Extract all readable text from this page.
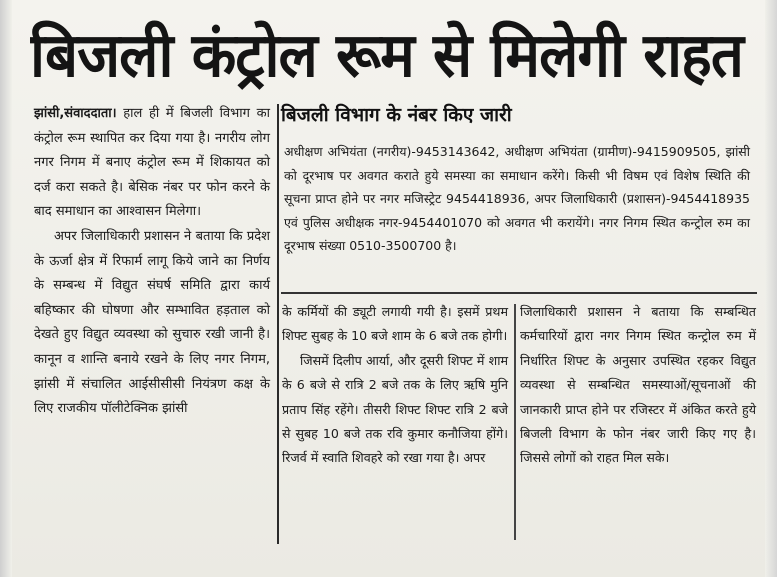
बिजली कंट्रोल रूम से मिलेगी राहत

झांसी,संवाददाता। हाल ही में बिजली विभाग का कंट्रोल रूम स्थापित कर दिया गया है। नगरीय लोग नगर निगम में बनाए कंट्रोल रूम में शिकायत को दर्ज करा सकते है। बेसिक नंबर पर फोन करने के बाद समाधान का आश्वासन मिलेगा।

अपर जिलाधिकारी प्रशासन ने बताया कि प्रदेश के ऊर्जा क्षेत्र में रिफार्म लागू किये जाने का निर्णय के सम्बन्ध में विद्युत संघर्ष समिति द्वारा कार्य बहिष्कार की घोषणा और सम्भावित हड़ताल को देखते हुए विद्युत व्यवस्था को सुचारु रखी जानी है। कानून व शान्ति बनाये रखने के लिए नगर निगम, झांसी में संचालित आईसीसीसी नियंत्रण कक्ष के लिए राजकीय पॉलीटेक्निक झांसी

बिजली विभाग के नंबर किए जारी
अधीक्षण अभियंता (नगरीय)-9453143642, अधीक्षण अभियंता (ग्रामीण)-9415909505, झांसी को दूरभाष पर अवगत कराते हुये समस्या का समाधान करेंगे। किसी भी विषम एवं विशेष स्थिति की सूचना प्राप्त होने पर नगर मजिस्ट्रेट 9454418936, अपर जिलाधिकारी (प्रशासन)-9454418935 एवं पुलिस अधीक्षक नगर-9454401070 को अवगत भी करायेंगे। नगर निगम स्थित कन्ट्रोल रुम का दूरभाष संख्या 0510-3500700 है।

के कर्मियों की ड्यूटी लगायी गयी है। इसमें प्रथम शिफ्ट सुबह के 10 बजे शाम के 6 बजे तक होगी।

जिसमें दिलीप आर्या, और दूसरी शिफ्ट में शाम के 6 बजे से रात्रि 2 बजे तक के लिए ऋषि मुनि प्रताप सिंह रहेंगे। तीसरी शिफ्ट शिफ्ट रात्रि 2 बजे से सुबह 10 बजे तक रवि कुमार कनौजिया होंगे। रिजर्व में स्वाति शिवहरे को रखा गया है। अपर

जिलाधिकारी प्रशासन ने बताया कि सम्बन्धित कर्मचारियों द्वारा नगर निगम स्थित कन्ट्रोल रुम में निर्धारित शिफ्ट के अनुसार उपस्थित रहकर विद्युत व्यवस्था से सम्बन्धित समस्याओं/सूचनाओं की जानकारी प्राप्त होने पर रजिस्टर में अंकित करते हुये बिजली विभाग के फोन नंबर जारी किए गए है। जिससे लोगों को राहत मिल सके।
